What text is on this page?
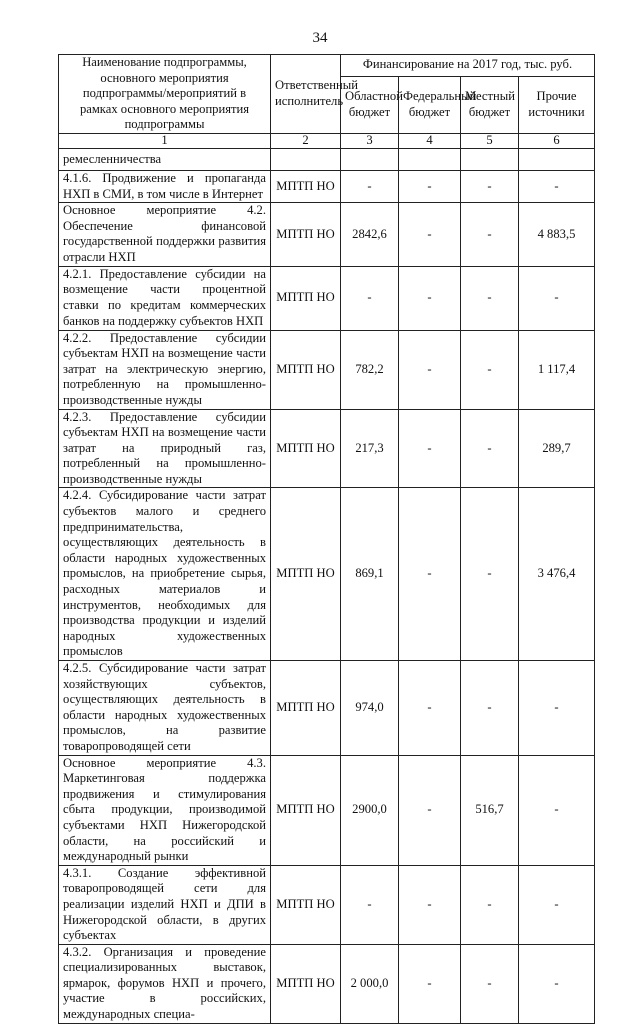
34
Наименование подпрограммы, основного мероприятия подпрограммы/мероприятий в рамках основного мероприятия подпрограммы	Ответственный исполнитель	Финансирование на 2017 год, тыс. руб.			
		Областной бюджет	Федеральный бюджет	Местный бюджет	Прочие источники
1	2	3	4	5	6
ремесленничества					
4.1.6. Продвижение и пропаганда НХП в СМИ, в том числе в Интернет	МПТП НО	-	-	-	-
Основное мероприятие 4.2. Обеспечение финансовой государственной поддержки развития отрасли НХП	МПТП НО	2842,6	-	-	4 883,5
4.2.1. Предоставление субсидии на возмещение части процентной ставки по кредитам коммерческих банков на поддержку субъектов НХП	МПТП НО	-	-	-	-
4.2.2. Предоставление субсидии субъектам НХП на возмещение части затрат на электрическую энергию, потребленную на промышленно-производственные нужды	МПТП НО	782,2	-	-	1 117,4
4.2.3. Предоставление субсидии субъектам НХП на возмещение части затрат на природный газ, потребленный на промышленно-производственные нужды	МПТП НО	217,3	-	-	289,7
4.2.4. Субсидирование части затрат субъектов малого и среднего предпринимательства, осуществляющих деятельность в области народных художественных промыслов, на приобретение сырья, расходных материалов и инструментов, необходимых для производства продукции и изделий народных художественных промыслов	МПТП НО	869,1	-	-	3 476,4
4.2.5. Субсидирование части затрат хозяйствующих субъектов, осуществляющих деятельность в области народных художественных промыслов, на развитие товаропроводящей сети	МПТП НО	974,0	-	-	-
Основное мероприятие 4.3. Маркетинговая поддержка продвижения и стимулирования сбыта продукции, производимой субъектами НХП Нижегородской области, на российский и международный рынки	МПТП НО	2900,0	-	516,7	-
4.3.1. Создание эффективной товаропроводящей сети для реализации изделий НХП и ДПИ в Нижегородской области, в других субъектах	МПТП НО	-	-	-	-
4.3.2. Организация и проведение специализированных выставок, ярмарок, форумов НХП и прочего, участие в российских, международных специа-	МПТП НО	2 000,0	-	-	-
